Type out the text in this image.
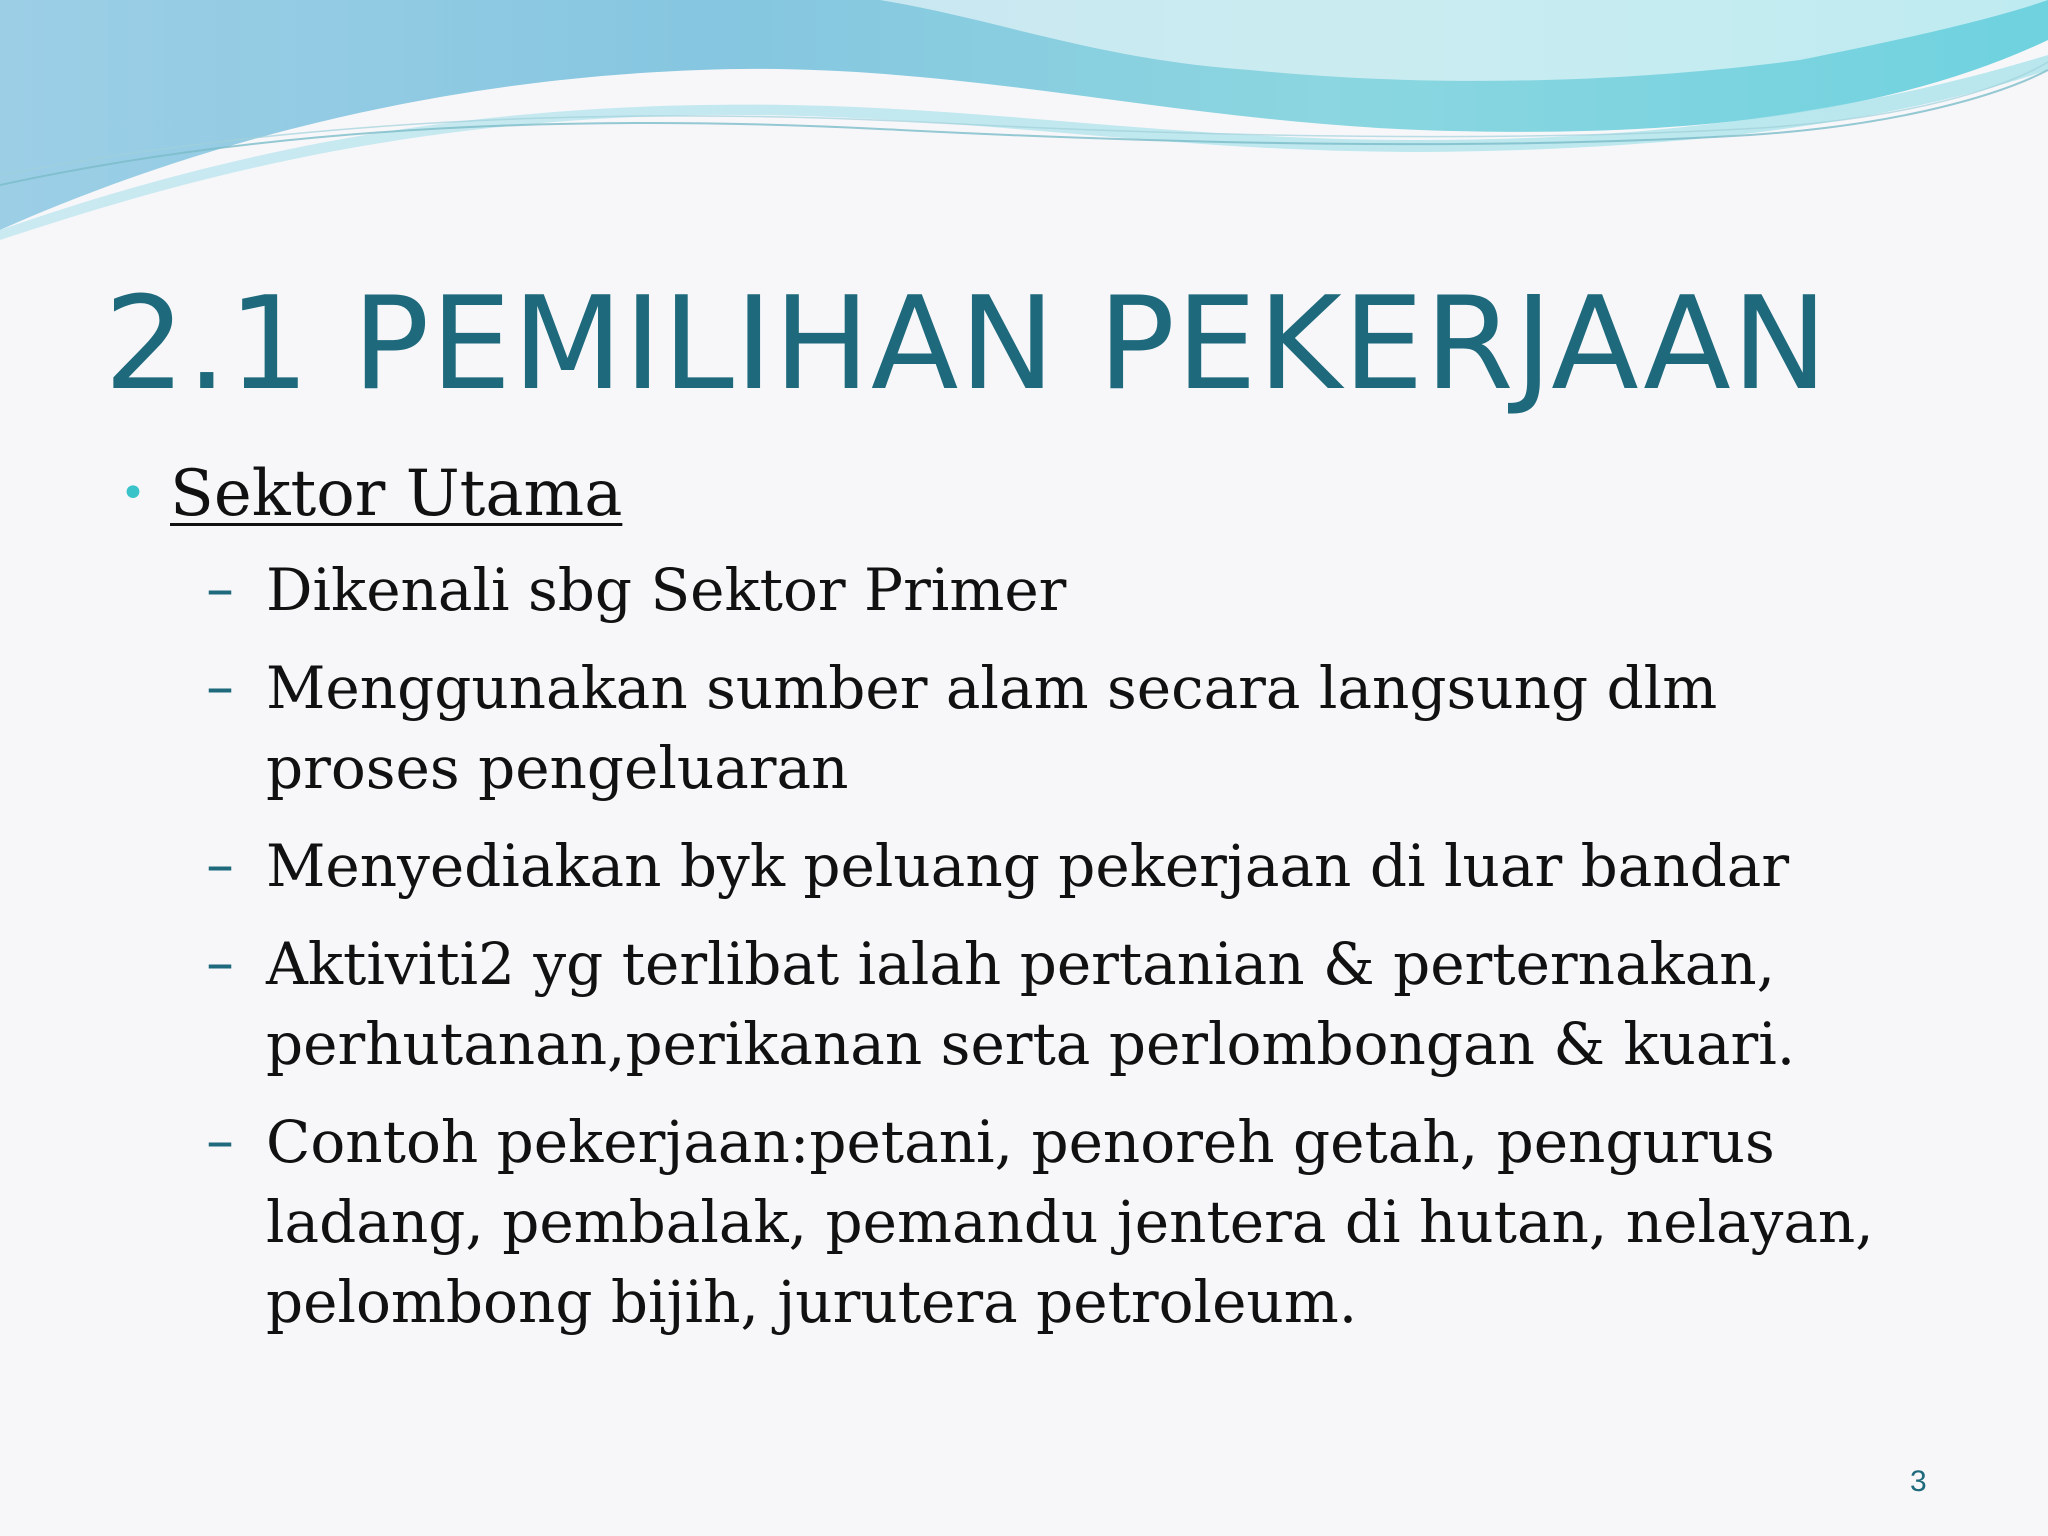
2.1 PEMILIHAN PEKERJAAN
• Sektor Utama
– Dikenali sbg Sektor Primer
– Menggunakan sumber alam secara langsung dlm proses pengeluaran
– Menyediakan byk peluang pekerjaan di luar bandar
– Aktiviti2 yg terlibat ialah pertanian & perternakan, perhutanan,perikanan serta perlombongan & kuari.
– Contoh pekerjaan:petani, penoreh getah, pengurus ladang, pembalak, pemandu jentera di hutan, nelayan, pelombong bijih, jurutera petroleum.
3
